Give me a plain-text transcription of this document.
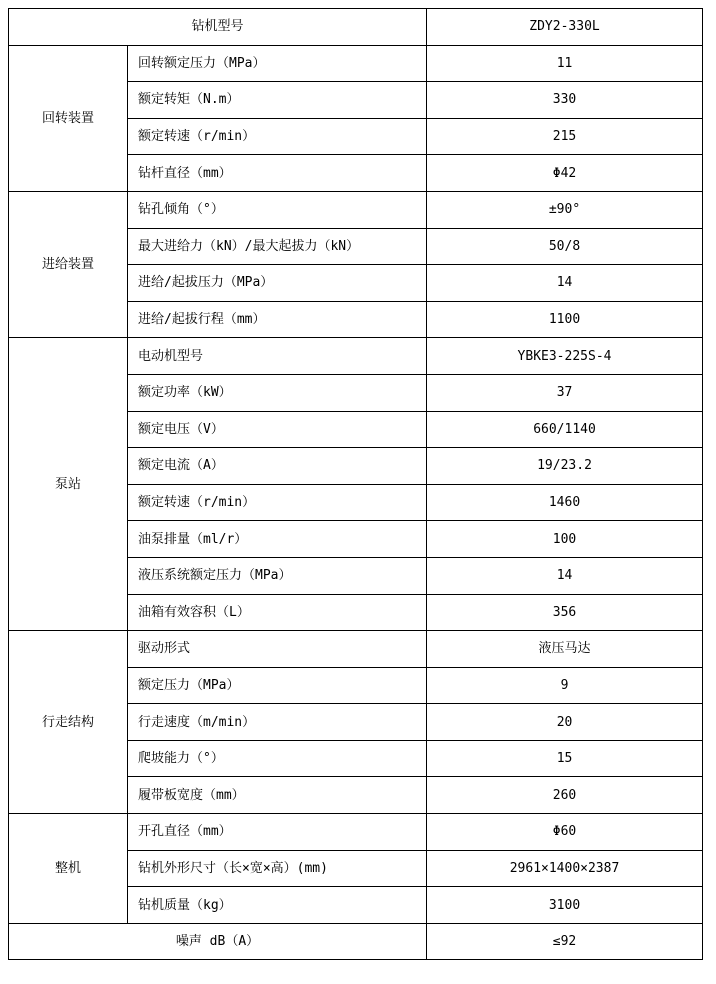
钻机型号		ZDY2-330L
回转装置	回转额定压力（MPa）	11
	额定转矩（N.m）	330
	额定转速（r/min）	215
	钻杆直径（mm）	Φ42
进给装置	钻孔倾角（°）	±90°
	最大进给力（kN）/最大起拔力（kN）	50/8
	进给/起拔压力（MPa）	14
	进给/起拔行程（mm）	1100
泵站	电动机型号	YBKE3-225S-4
	额定功率（kW）	37
	额定电压（V）	660/1140
	额定电流（A）	19/23.2
	额定转速（r/min）	1460
	油泵排量（ml/r）	100
	液压系统额定压力（MPa）	14
	油箱有效容积（L）	356
行走结构	驱动形式	液压马达
	额定压力（MPa）	9
	行走速度（m/min）	20
	爬坡能力（°）	15
	履带板宽度（mm）	260
整机	开孔直径（mm）	Φ60
	钻机外形尺寸（长×宽×高）(mm)	2961×1400×2387
	钻机质量（kg）	3100
噪声 dB（A）		≤92
